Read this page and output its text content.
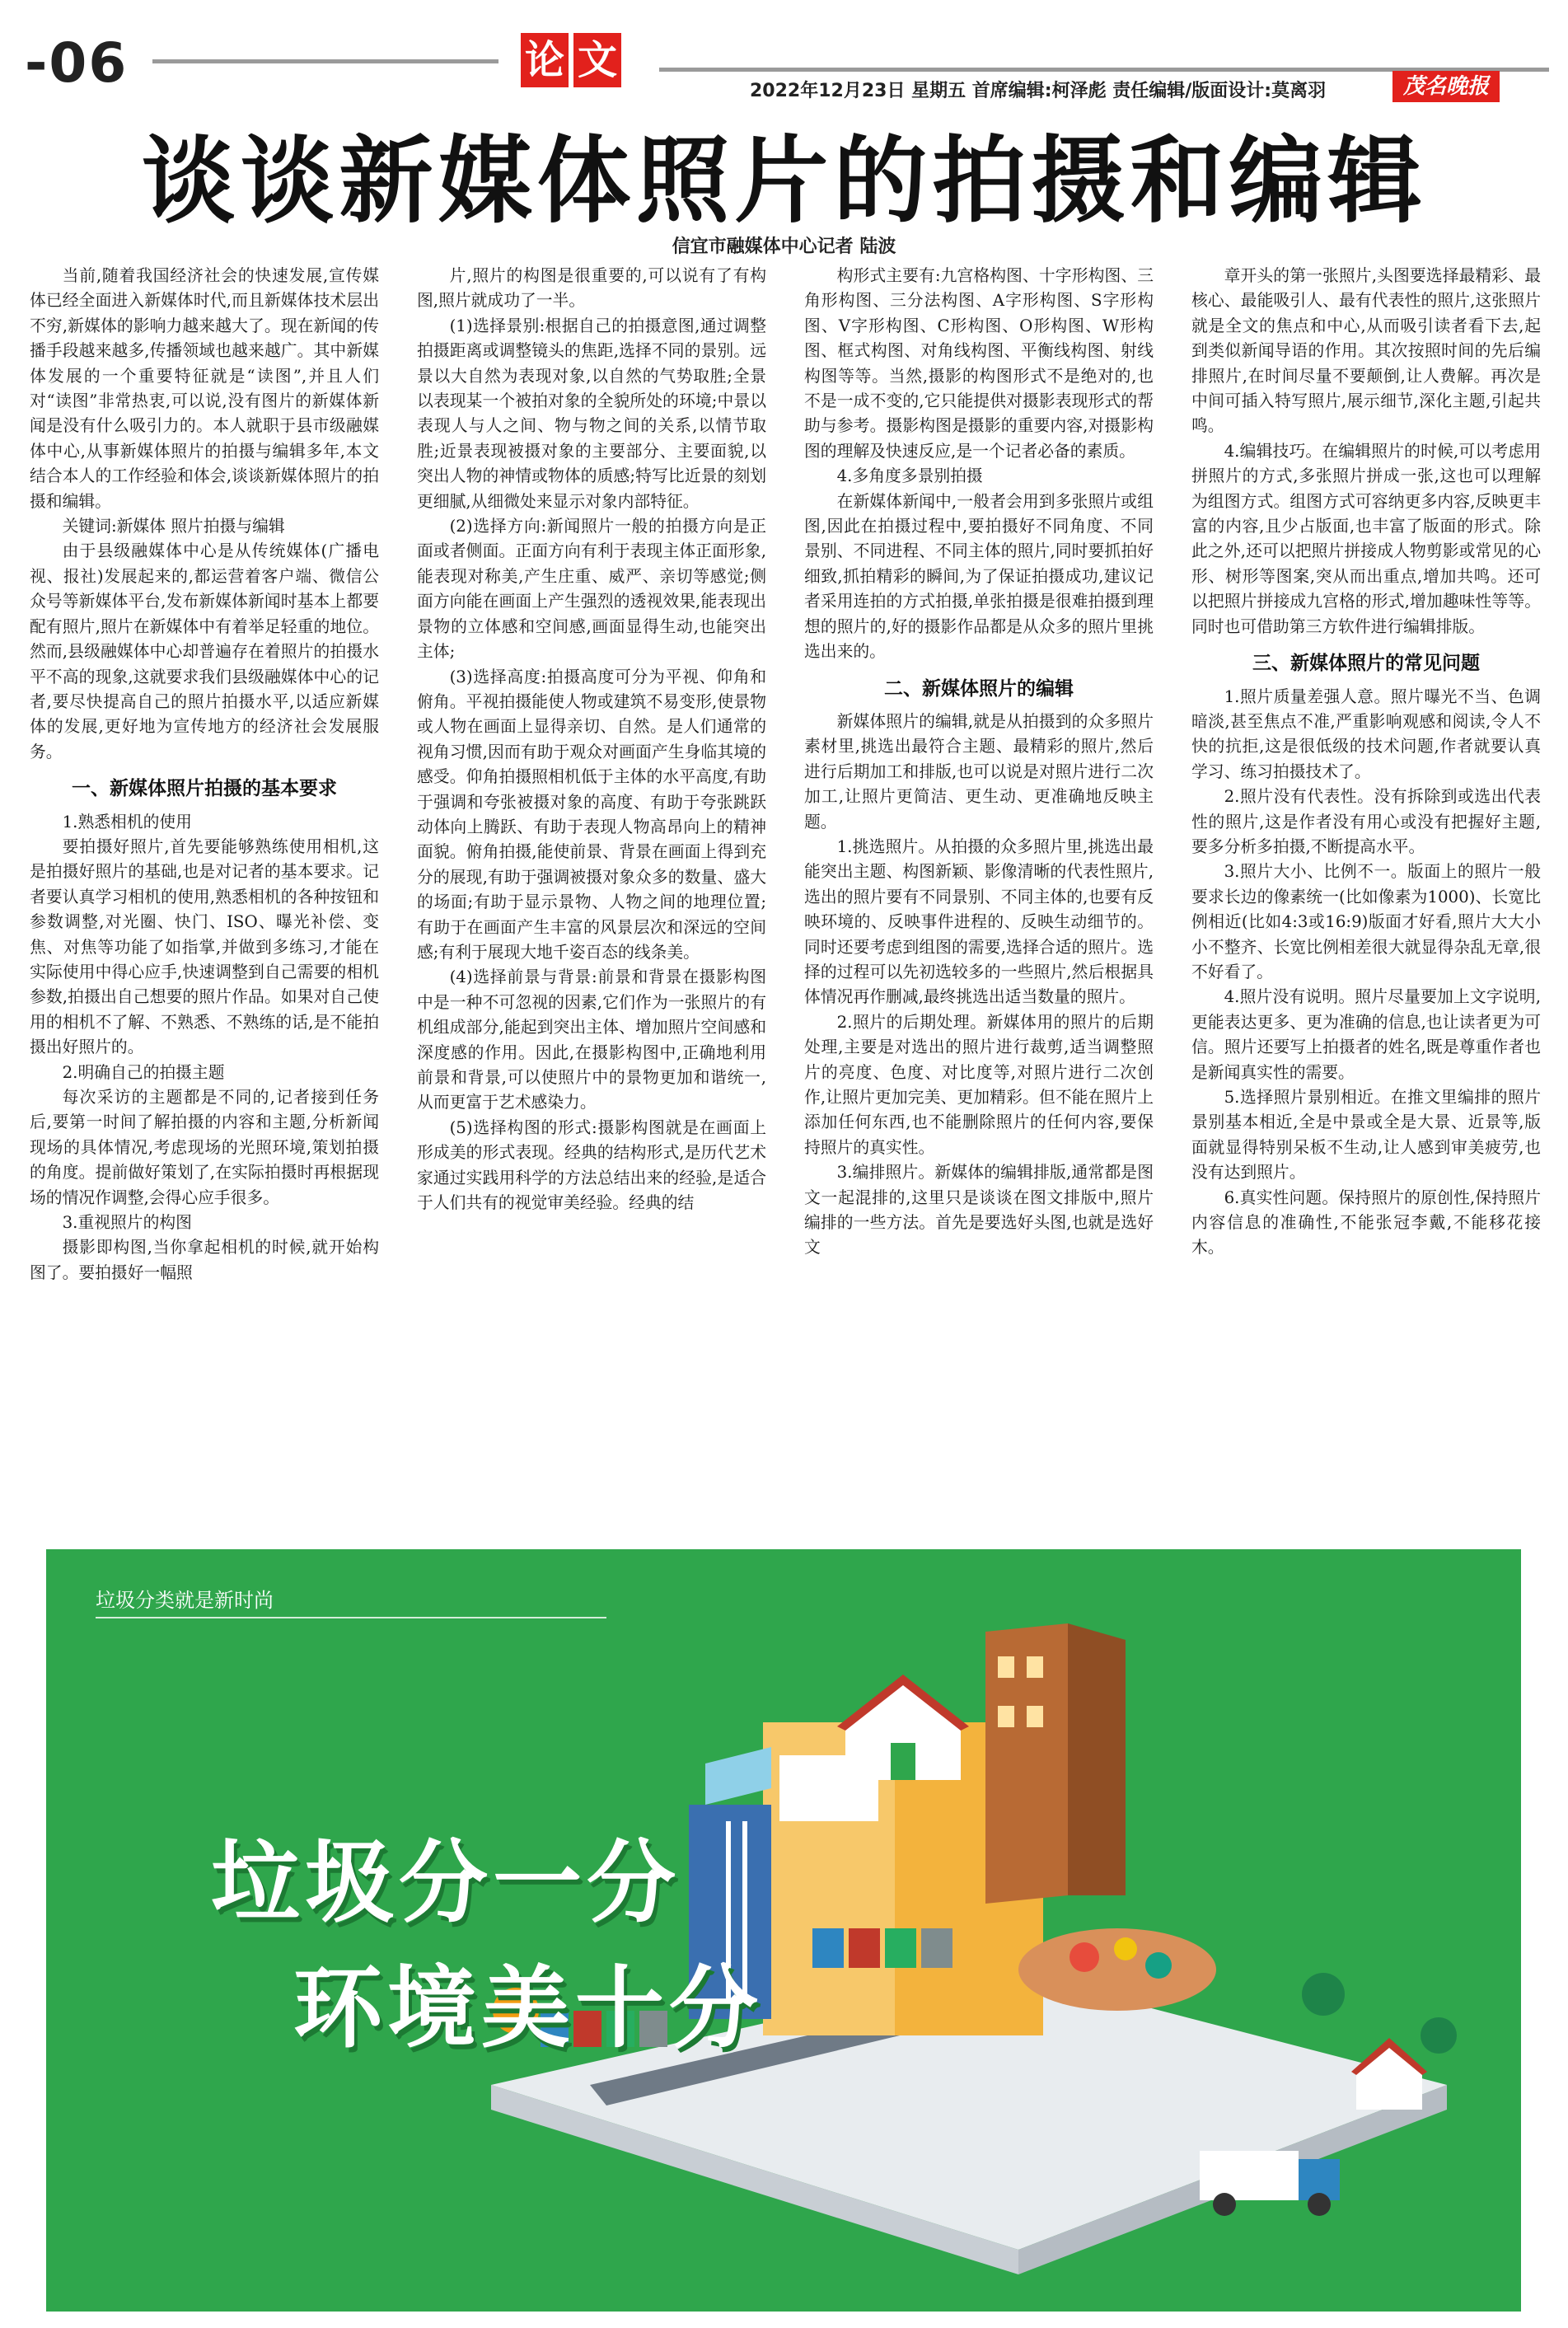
-06	论 文
2022年12月23日 星期五 首席编辑:柯泽彪 责任编辑/版面设计:莫离羽	茂名晚报
谈谈新媒体照片的拍摄和编辑
信宜市融媒体中心记者 陆波

当前,随着我国经济社会的快速发展,宣传媒体已经全面进入新媒体时代,而且新媒体技术层出不穷,新媒体的影响力越来越大了。现在新闻的传播手段越来越多,传播领域也越来越广。其中新媒体发展的一个重要特征就是“读图”,并且人们对“读图”非常热衷,可以说,没有图片的新媒体新闻是没有什么吸引力的。本人就职于县市级融媒体中心,从事新媒体照片的拍摄与编辑多年,本文结合本人的工作经验和体会,谈谈新媒体照片的拍摄和编辑。

关键词:新媒体 照片拍摄与编辑

由于县级融媒体中心是从传统媒体(广播电视、报社)发展起来的,都运营着客户端、微信公众号等新媒体平台,发布新媒体新闻时基本上都要配有照片,照片在新媒体中有着举足轻重的地位。然而,县级融媒体中心却普遍存在着照片的拍摄水平不高的现象,这就要求我们县级融媒体中心的记者,要尽快提高自己的照片拍摄水平,以适应新媒体的发展,更好地为宣传地方的经济社会发展服务。

一、新媒体照片拍摄的基本要求

1.熟悉相机的使用

要拍摄好照片,首先要能够熟练使用相机,这是拍摄好照片的基础,也是对记者的基本要求。记者要认真学习相机的使用,熟悉相机的各种按钮和参数调整,对光圈、快门、ISO、曝光补偿、变焦、对焦等功能了如指掌,并做到多练习,才能在实际使用中得心应手,快速调整到自己需要的相机参数,拍摄出自己想要的照片作品。如果对自己使用的相机不了解、不熟悉、不熟练的话,是不能拍摄出好照片的。

2.明确自己的拍摄主题

每次采访的主题都是不同的,记者接到任务后,要第一时间了解拍摄的内容和主题,分析新闻现场的具体情况,考虑现场的光照环境,策划拍摄的角度。提前做好策划了,在实际拍摄时再根据现场的情况作调整,会得心应手很多。

3.重视照片的构图

摄影即构图,当你拿起相机的时候,就开始构图了。要拍摄好一幅照

片,照片的构图是很重要的,可以说有了有构图,照片就成功了一半。

(1)选择景别:根据自己的拍摄意图,通过调整拍摄距离或调整镜头的焦距,选择不同的景别。远景以大自然为表现对象,以自然的气势取胜;全景以表现某一个被拍对象的全貌所处的环境;中景以表现人与人之间、物与物之间的关系,以情节取胜;近景表现被摄对象的主要部分、主要面貌,以突出人物的神情或物体的质感;特写比近景的刻划更细腻,从细微处来显示对象内部特征。

(2)选择方向:新闻照片一般的拍摄方向是正面或者侧面。正面方向有利于表现主体正面形象,能表现对称美,产生庄重、威严、亲切等感觉;侧面方向能在画面上产生强烈的透视效果,能表现出景物的立体感和空间感,画面显得生动,也能突出主体;

(3)选择高度:拍摄高度可分为平视、仰角和俯角。平视拍摄能使人物或建筑不易变形,使景物或人物在画面上显得亲切、自然。是人们通常的视角习惯,因而有助于观众对画面产生身临其境的感受。仰角拍摄照相机低于主体的水平高度,有助于强调和夸张被摄对象的高度、有助于夸张跳跃动体向上腾跃、有助于表现人物高昂向上的精神面貌。俯角拍摄,能使前景、背景在画面上得到充分的展现,有助于强调被摄对象众多的数量、盛大的场面;有助于显示景物、人物之间的地理位置;有助于在画面产生丰富的风景层次和深远的空间感;有利于展现大地千姿百态的线条美。

(4)选择前景与背景:前景和背景在摄影构图中是一种不可忽视的因素,它们作为一张照片的有机组成部分,能起到突出主体、增加照片空间感和深度感的作用。因此,在摄影构图中,正确地利用前景和背景,可以使照片中的景物更加和谐统一,从而更富于艺术感染力。

(5)选择构图的形式:摄影构图就是在画面上形成美的形式表现。经典的结构形式,是历代艺术家通过实践用科学的方法总结出来的经验,是适合于人们共有的视觉审美经验。经典的结

构形式主要有:九宫格构图、十字形构图、三角形构图、三分法构图、A字形构图、S字形构图、V字形构图、C形构图、O形构图、W形构图、框式构图、对角线构图、平衡线构图、射线构图等等。当然,摄影的构图形式不是绝对的,也不是一成不变的,它只能提供对摄影表现形式的帮助与参考。摄影构图是摄影的重要内容,对摄影构图的理解及快速反应,是一个记者必备的素质。

4.多角度多景别拍摄

在新媒体新闻中,一般者会用到多张照片或组图,因此在拍摄过程中,要拍摄好不同角度、不同景别、不同进程、不同主体的照片,同时要抓拍好细致,抓拍精彩的瞬间,为了保证拍摄成功,建议记者采用连拍的方式拍摄,单张拍摄是很难拍摄到理想的照片的,好的摄影作品都是从众多的照片里挑选出来的。

二、新媒体照片的编辑

新媒体照片的编辑,就是从拍摄到的众多照片素材里,挑选出最符合主题、最精彩的照片,然后进行后期加工和排版,也可以说是对照片进行二次加工,让照片更简洁、更生动、更准确地反映主题。

1.挑选照片。从拍摄的众多照片里,挑选出最能突出主题、构图新颖、影像清晰的代表性照片,选出的照片要有不同景别、不同主体的,也要有反映环境的、反映事件进程的、反映生动细节的。同时还要考虑到组图的需要,选择合适的照片。选择的过程可以先初选较多的一些照片,然后根据具体情况再作删减,最终挑选出适当数量的照片。

2.照片的后期处理。新媒体用的照片的后期处理,主要是对选出的照片进行裁剪,适当调整照片的亮度、色度、对比度等,对照片进行二次创作,让照片更加完美、更加精彩。但不能在照片上添加任何东西,也不能删除照片的任何内容,要保持照片的真实性。

3.编排照片。新媒体的编辑排版,通常都是图文一起混排的,这里只是谈谈在图文排版中,照片编排的一些方法。首先是要选好头图,也就是选好文

章开头的第一张照片,头图要选择最精彩、最核心、最能吸引人、最有代表性的照片,这张照片就是全文的焦点和中心,从而吸引读者看下去,起到类似新闻导语的作用。其次按照时间的先后编排照片,在时间尽量不要颠倒,让人费解。再次是中间可插入特写照片,展示细节,深化主题,引起共鸣。

4.编辑技巧。在编辑照片的时候,可以考虑用拼照片的方式,多张照片拼成一张,这也可以理解为组图方式。组图方式可容纳更多内容,反映更丰富的内容,且少占版面,也丰富了版面的形式。除此之外,还可以把照片拼接成人物剪影或常见的心形、树形等图案,突从而出重点,增加共鸣。还可以把照片拼接成九宫格的形式,增加趣味性等等。同时也可借助第三方软件进行编辑排版。

三、新媒体照片的常见问题

1.照片质量差强人意。照片曝光不当、色调暗淡,甚至焦点不准,严重影响观感和阅读,令人不快的抗拒,这是很低级的技术问题,作者就要认真学习、练习拍摄技术了。

2.照片没有代表性。没有拆除到或选出代表性的照片,这是作者没有用心或没有把握好主题,要多分析多拍摄,不断提高水平。

3.照片大小、比例不一。版面上的照片一般要求长边的像素统一(比如像素为1000)、长宽比例相近(比如4:3或16:9)版面才好看,照片大大小小不整齐、长宽比例相差很大就显得杂乱无章,很不好看了。

4.照片没有说明。照片尽量要加上文字说明,更能表达更多、更为准确的信息,也让读者更为可信。照片还要写上拍摄者的姓名,既是尊重作者也是新闻真实性的需要。

5.选择照片景别相近。在推文里编排的照片景别基本相近,全是中景或全是大景、近景等,版面就显得特别呆板不生动,让人感到审美疲劳,也没有达到照片。

6.真实性问题。保持照片的原创性,保持照片内容信息的准确性,不能张冠李戴,不能移花接木。

垃圾分类就是新时尚
垃圾分一分
环境美十分
